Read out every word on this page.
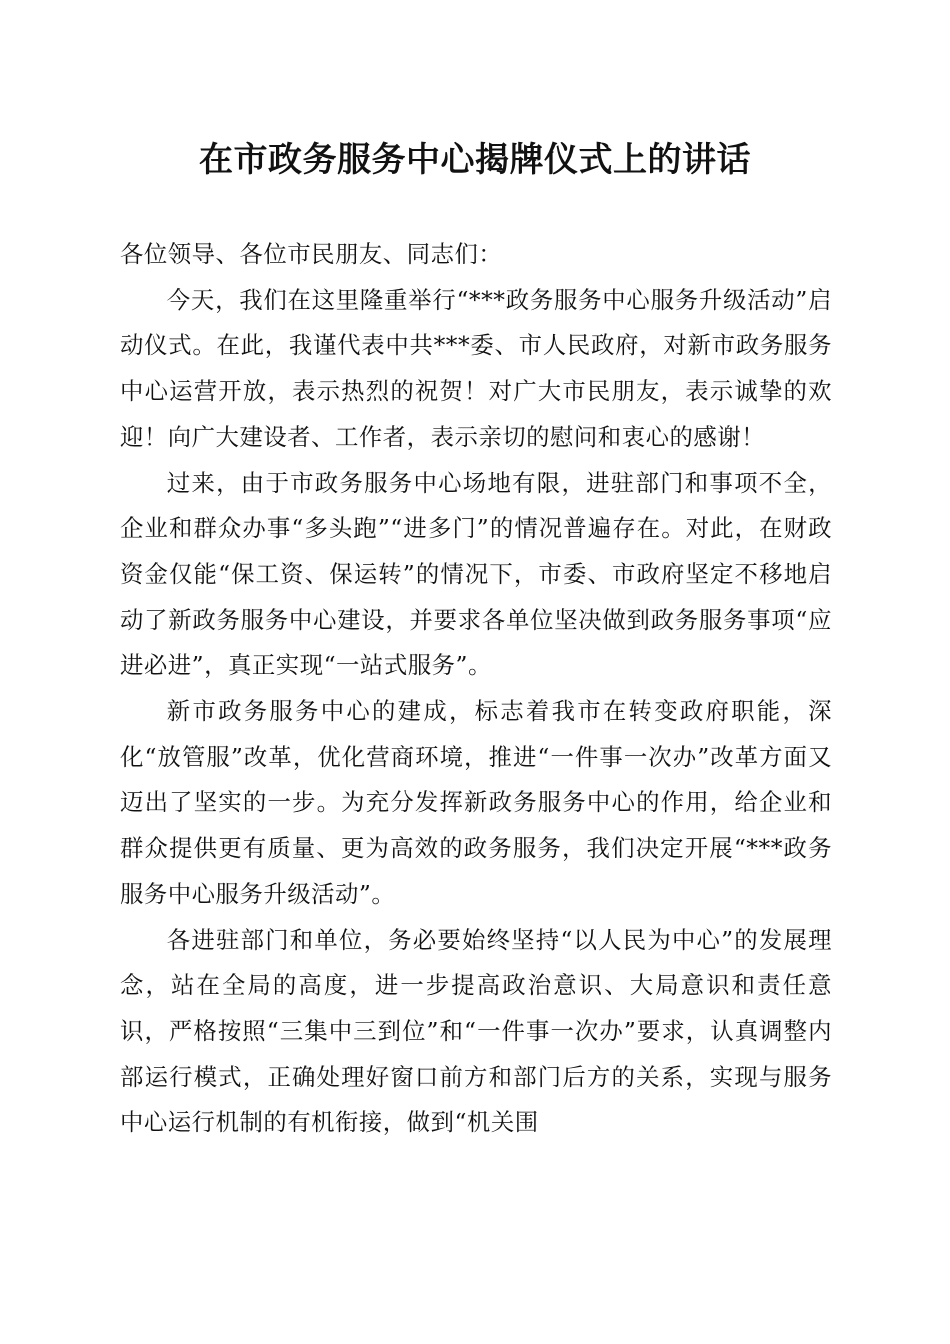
在市政务服务中心揭牌仪式上的讲话

各位领导、各位市民朋友、同志们：

今天，我们在这里隆重举行“***政务服务中心服务升级活动”启动仪式。在此，我谨代表中共***委、市人民政府，对新市政务服务中心运营开放，表示热烈的祝贺！对广大市民朋友，表示诚挚的欢迎！向广大建设者、工作者，表示亲切的慰问和衷心的感谢！

过来，由于市政务服务中心场地有限，进驻部门和事项不全，企业和群众办事“多头跑”“进多门”的情况普遍存在。对此，在财政资金仅能“保工资、保运转”的情况下，市委、市政府坚定不移地启动了新政务服务中心建设，并要求各单位坚决做到政务服务事项“应进必进”，真正实现“一站式服务”。

新市政务服务中心的建成，标志着我市在转变政府职能，深化“放管服”改革，优化营商环境，推进“一件事一次办”改革方面又迈出了坚实的一步。为充分发挥新政务服务中心的作用，给企业和群众提供更有质量、更为高效的政务服务，我们决定开展“***政务服务中心服务升级活动”。

各进驻部门和单位，务必要始终坚持“以人民为中心”的发展理念，站在全局的高度，进一步提高政治意识、大局意识和责任意识，严格按照“三集中三到位”和“一件事一次办”要求，认真调整内部运行模式，正确处理好窗口前方和部门后方的关系，实现与服务中心运行机制的有机衔接，做到“机关围
